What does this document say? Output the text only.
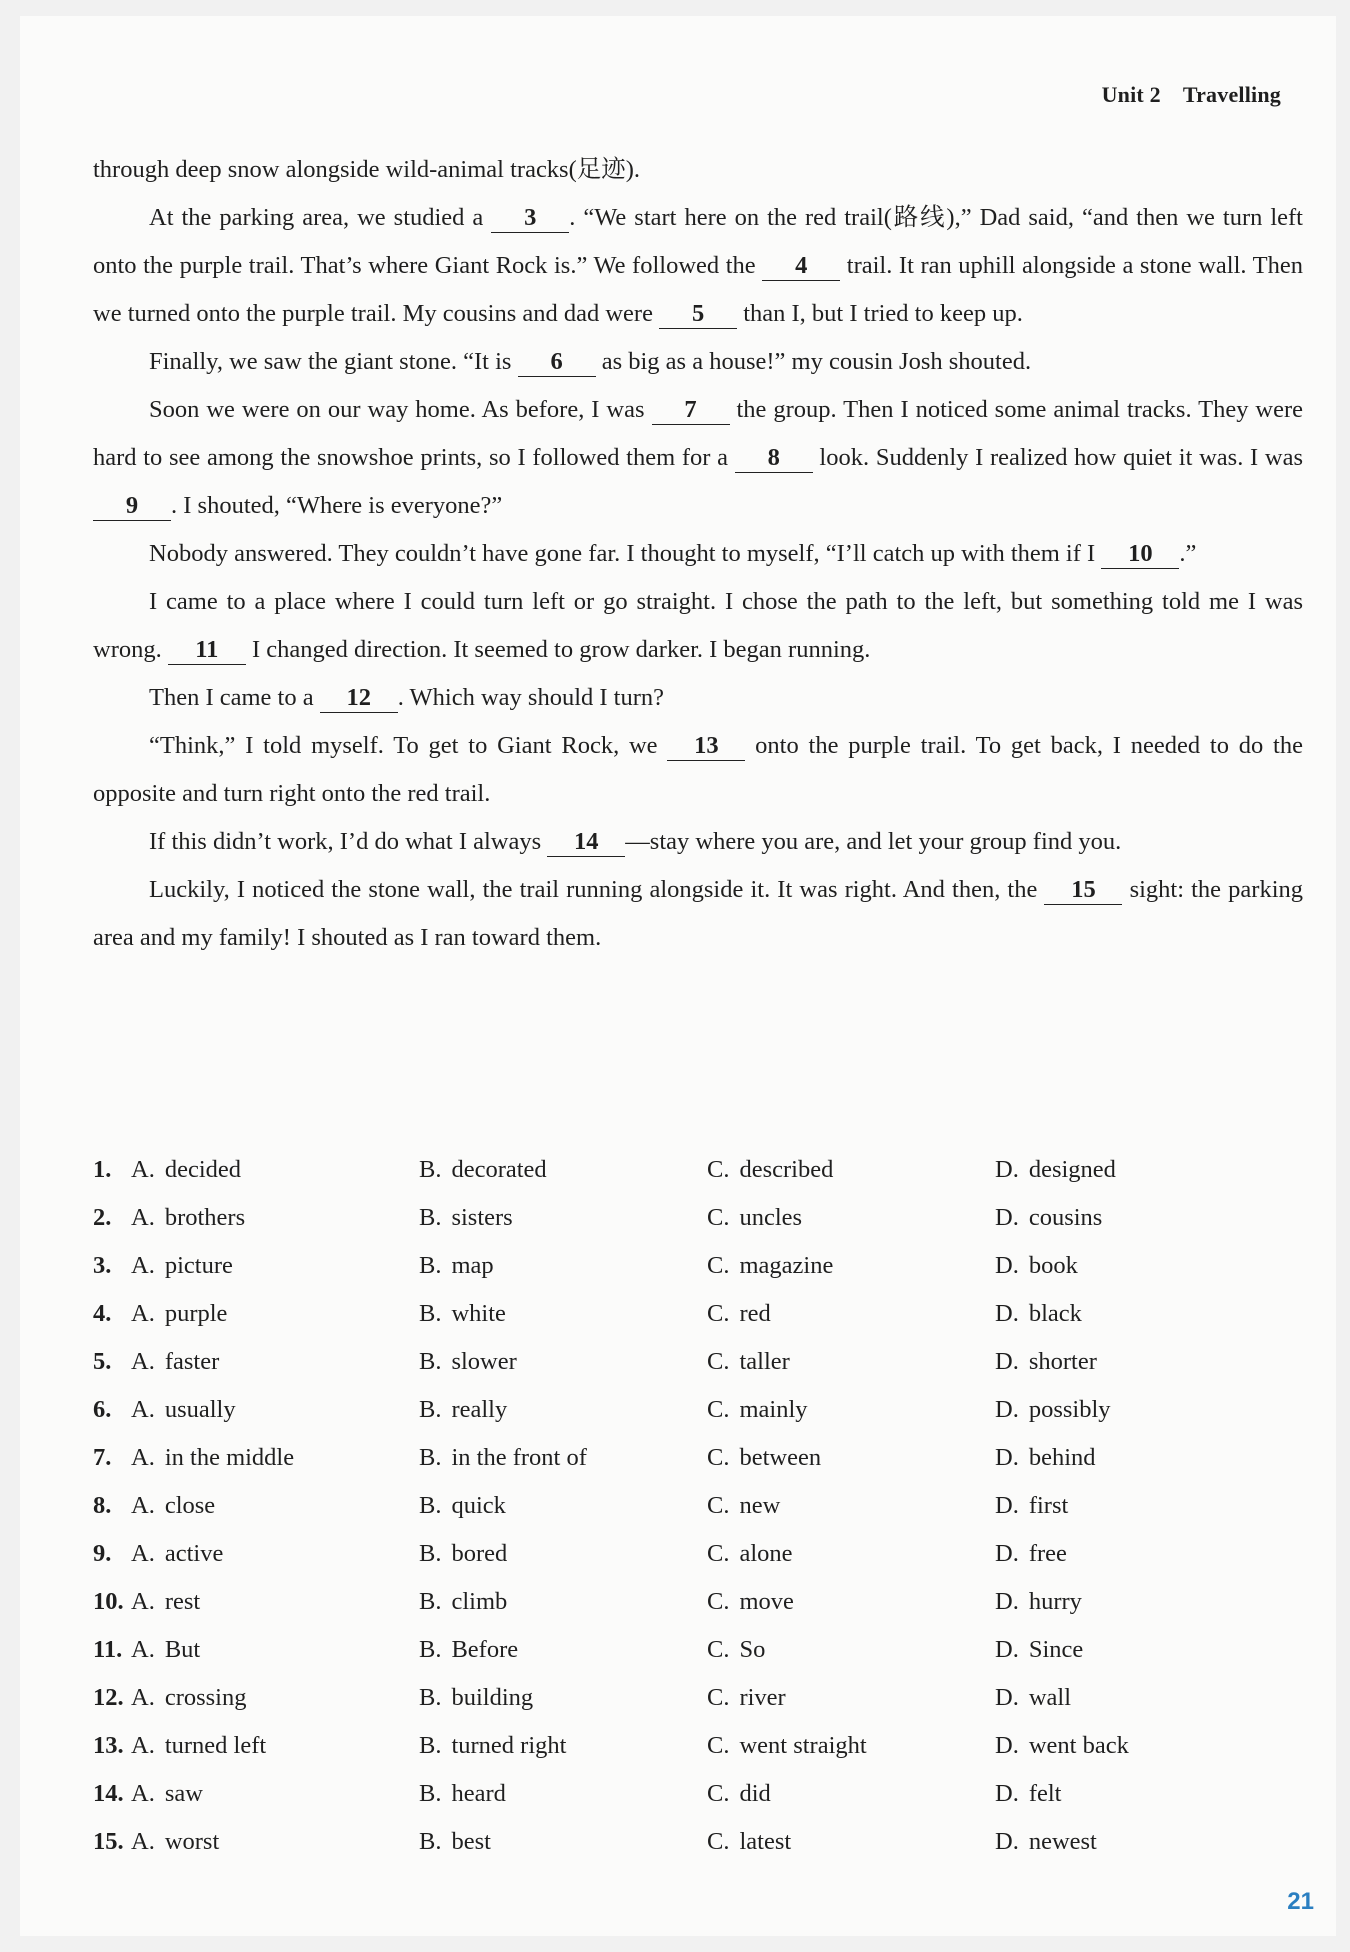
Unit 2 Travelling

through deep snow alongside wild-animal tracks(足迹).

At the parking area, we studied a 3 . “We start here on the red trail(路线),” Dad said, “and then we turn left onto the purple trail. That’s where Giant Rock is.” We followed the 4 trail. It ran uphill alongside a stone wall. Then we turned onto the purple trail. My cousins and dad were 5 than I, but I tried to keep up.

Finally, we saw the giant stone. “It is 6 as big as a house!” my cousin Josh shouted.

Soon we were on our way home. As before, I was 7 the group. Then I noticed some animal tracks. They were hard to see among the snowshoe prints, so I followed them for a 8 look. Suddenly I realized how quiet it was. I was 9 . I shouted, “Where is everyone?”

Nobody answered. They couldn’t have gone far. I thought to myself, “I’ll catch up with them if I 10 .”

I came to a place where I could turn left or go straight. I chose the path to the left, but something told me I was wrong. 11 I changed direction. It seemed to grow darker. I began running.

Then I came to a 12 . Which way should I turn?

“Think,” I told myself. To get to Giant Rock, we 13 onto the purple trail. To get back, I needed to do the opposite and turn right onto the red trail.

If this didn’t work, I’d do what I always 14 —stay where you are, and let your group find you.

Luckily, I noticed the stone wall, the trail running alongside it. It was right. And then, the 15 sight: the parking area and my family! I shouted as I ran toward them.

1. A. decided	B. decorated	C. described	D. designed
2. A. brothers	B. sisters	C. uncles	D. cousins
3. A. picture	B. map	C. magazine	D. book
4. A. purple	B. white	C. red	D. black
5. A. faster	B. slower	C. taller	D. shorter
6. A. usually	B. really	C. mainly	D. possibly
7. A. in the middle	B. in the front of	C. between	D. behind
8. A. close	B. quick	C. new	D. first
9. A. active	B. bored	C. alone	D. free
10. A. rest	B. climb	C. move	D. hurry
11. A. But	B. Before	C. So	D. Since
12. A. crossing	B. building	C. river	D. wall
13. A. turned left	B. turned right	C. went straight	D. went back
14. A. saw	B. heard	C. did	D. felt
15. A. worst	B. best	C. latest	D. newest
21
